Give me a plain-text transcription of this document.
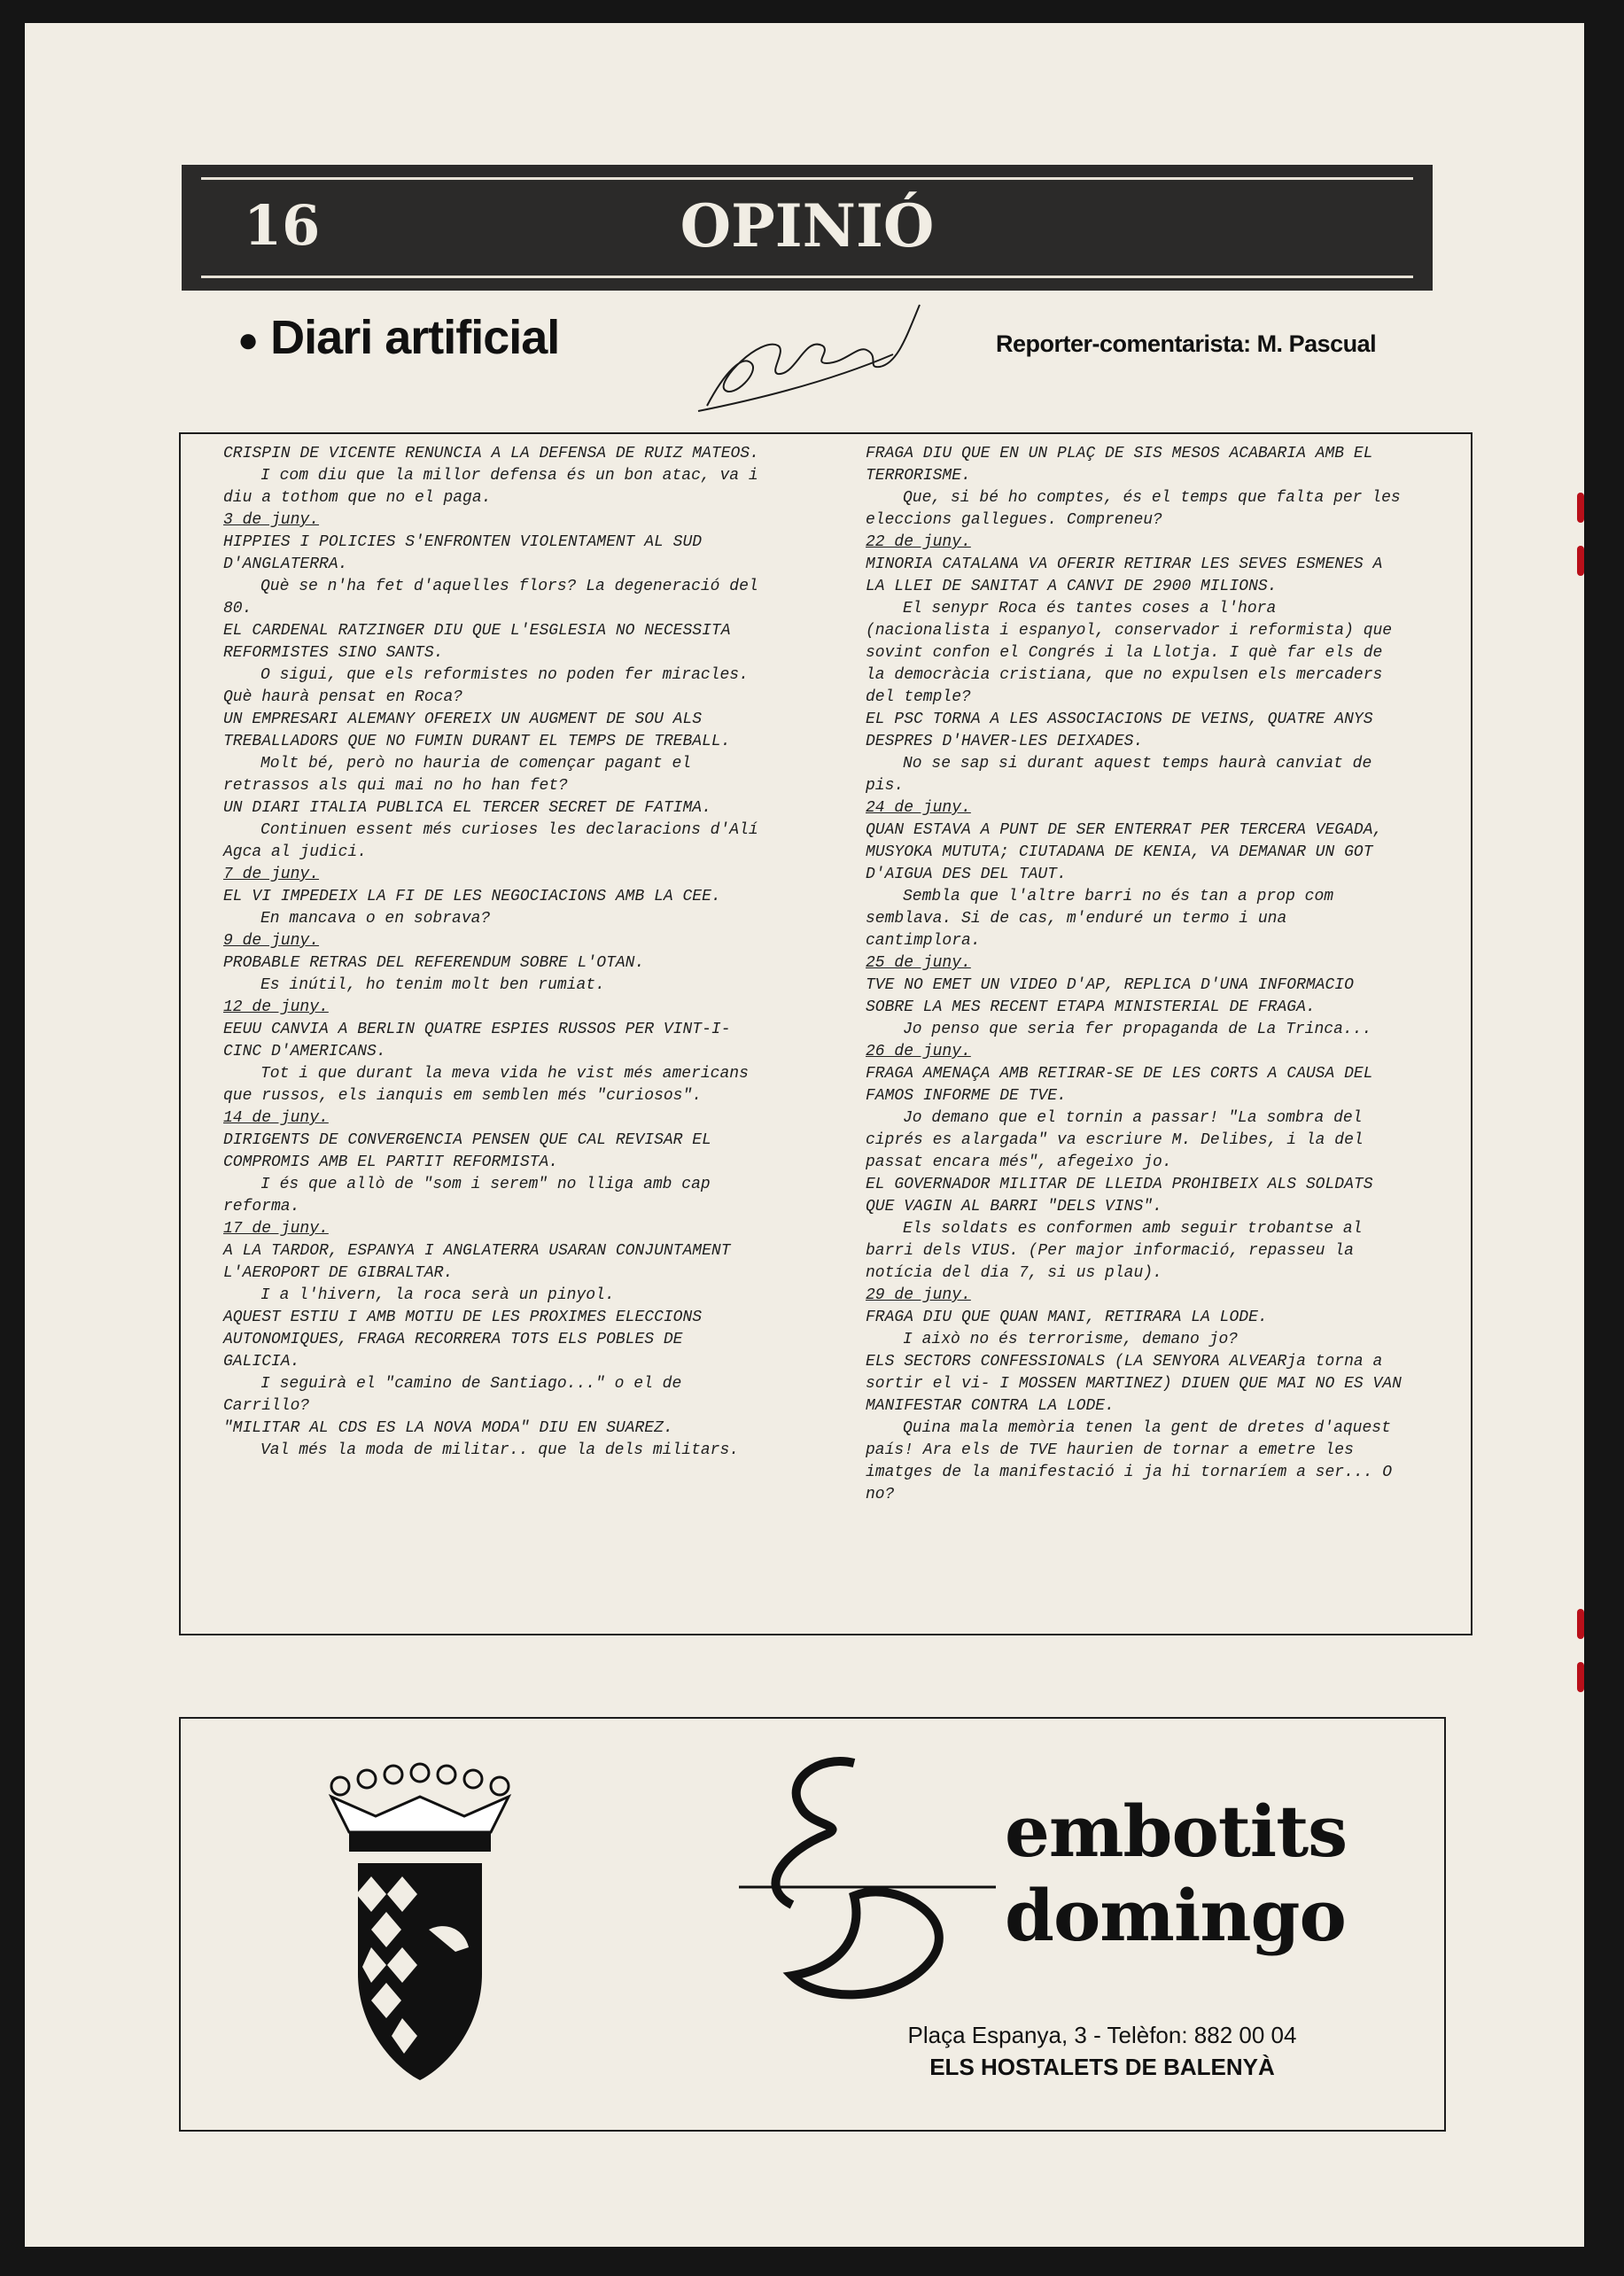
16	OPINIÓ
● Diari artificial	Reporter-comentarista: M. Pascual

CRISPIN DE VICENTE RENUNCIA A LA DEFENSA DE RUIZ MATEOS.

I com diu que la millor defensa és un bon atac, va i diu a tothom que no el paga.

3 de juny.

HIPPIES I POLICIES S'ENFRONTEN VIOLENTAMENT AL SUD D'ANGLATERRA.

Què se n'ha fet d'aquelles flors? La degeneració del 80.

EL CARDENAL RATZINGER DIU QUE L'ESGLESIA NO NECESSITA REFORMISTES SINO SANTS.

O sigui, que els reformistes no poden fer miracles. Què haurà pensat en Roca?

UN EMPRESARI ALEMANY OFEREIX UN AUGMENT DE SOU ALS TREBALLADORS QUE NO FUMIN DURANT EL TEMPS DE TREBALL.

Molt bé, però no hauria de començar pagant el retrassos als qui mai no ho han fet?

UN DIARI ITALIA PUBLICA EL TERCER SECRET DE FATIMA.

Continuen essent més curioses les declaracions d'Alí Agca al judici.

7 de juny.

EL VI IMPEDEIX LA FI DE LES NEGOCIACIONS AMB LA CEE.

En mancava o en sobrava?

9 de juny.

PROBABLE RETRAS DEL REFERENDUM SOBRE L'OTAN.

Es inútil, ho tenim molt ben rumiat.

12 de juny.

EEUU CANVIA A BERLIN QUATRE ESPIES RUSSOS PER VINT-I-CINC D'AMERICANS.

Tot i que durant la meva vida he vist més americans que russos, els ianquis em semblen més "curiosos".

14 de juny.

DIRIGENTS DE CONVERGENCIA PENSEN QUE CAL REVISAR EL COMPROMIS AMB EL PARTIT REFORMISTA.

I és que allò de "som i serem" no lliga amb cap reforma.

17 de juny.

A LA TARDOR, ESPANYA I ANGLATERRA USARAN CONJUNTAMENT L'AEROPORT DE GIBRALTAR.

I a l'hivern, la roca serà un pinyol.

AQUEST ESTIU I AMB MOTIU DE LES PROXIMES ELECCIONS AUTONOMIQUES, FRAGA RECORRERA TOTS ELS POBLES DE GALICIA.

I seguirà el "camino de Santiago..." o el de Carrillo?

"MILITAR AL CDS ES LA NOVA MODA" DIU EN SUAREZ.

Val més la moda de militar.. que la dels militars.

FRAGA DIU QUE EN UN PLAÇ DE SIS MESOS ACABARIA AMB EL TERRORISME.

Que, si bé ho comptes, és el temps que falta per les eleccions gallegues. Compreneu?

22 de juny.

MINORIA CATALANA VA OFERIR RETIRAR LES SEVES ESMENES A LA LLEI DE SANITAT A CANVI DE 2900 MILIONS.

El senypr Roca és tantes coses a l'hora (nacionalista i espanyol, conservador i reformista) que sovint confon el Congrés i la Llotja. I què far els de la democràcia cristiana, que no expulsen els mercaders del temple?

EL PSC TORNA A LES ASSOCIACIONS DE VEINS, QUATRE ANYS DESPRES D'HAVER-LES DEIXADES.

No se sap si durant aquest temps haurà canviat de pis.

24 de juny.

QUAN ESTAVA A PUNT DE SER ENTERRAT PER TERCERA VEGADA, MUSYOKA MUTUTA; CIUTADANA DE KENIA, VA DEMANAR UN GOT D'AIGUA DES DEL TAUT.

Sembla que l'altre barri no és tan a prop com semblava. Si de cas, m'enduré un termo i una cantimplora.

25 de juny.

TVE NO EMET UN VIDEO D'AP, REPLICA D'UNA INFORMACIO SOBRE LA MES RECENT ETAPA MINISTERIAL DE FRAGA.

Jo penso que seria fer propaganda de La Trinca...

26 de juny.

FRAGA AMENAÇA AMB RETIRAR-SE DE LES CORTS A CAUSA DEL FAMOS INFORME DE TVE.

Jo demano que el tornin a passar! "La sombra del ciprés es alargada" va escriure M. Delibes, i la del passat encara més", afegeixo jo.

EL GOVERNADOR MILITAR DE LLEIDA PROHIBEIX ALS SOLDATS QUE VAGIN AL BARRI "DELS VINS".

Els soldats es conformen amb seguir trobantse al barri dels VIUS. (Per major informació, repasseu la notícia del dia 7, si us plau).

29 de juny.

FRAGA DIU QUE QUAN MANI, RETIRARA LA LODE.

I això no és terrorisme, demano jo?

ELS SECTORS CONFESSIONALS (LA SENYORA ALVEARja torna a sortir el vi- I MOSSEN MARTINEZ) DIUEN QUE MAI NO ES VAN MANIFESTAR CONTRA LA LODE.

Quina mala memòria tenen la gent de dretes d'aquest país! Ara els de TVE haurien de tornar a emetre les imatges de la manifestació i ja hi tornaríem a ser... O no?

embotits
domingo
Plaça Espanya, 3 - Telèfon: 882 00 04
ELS HOSTALETS DE BALENYÀ
